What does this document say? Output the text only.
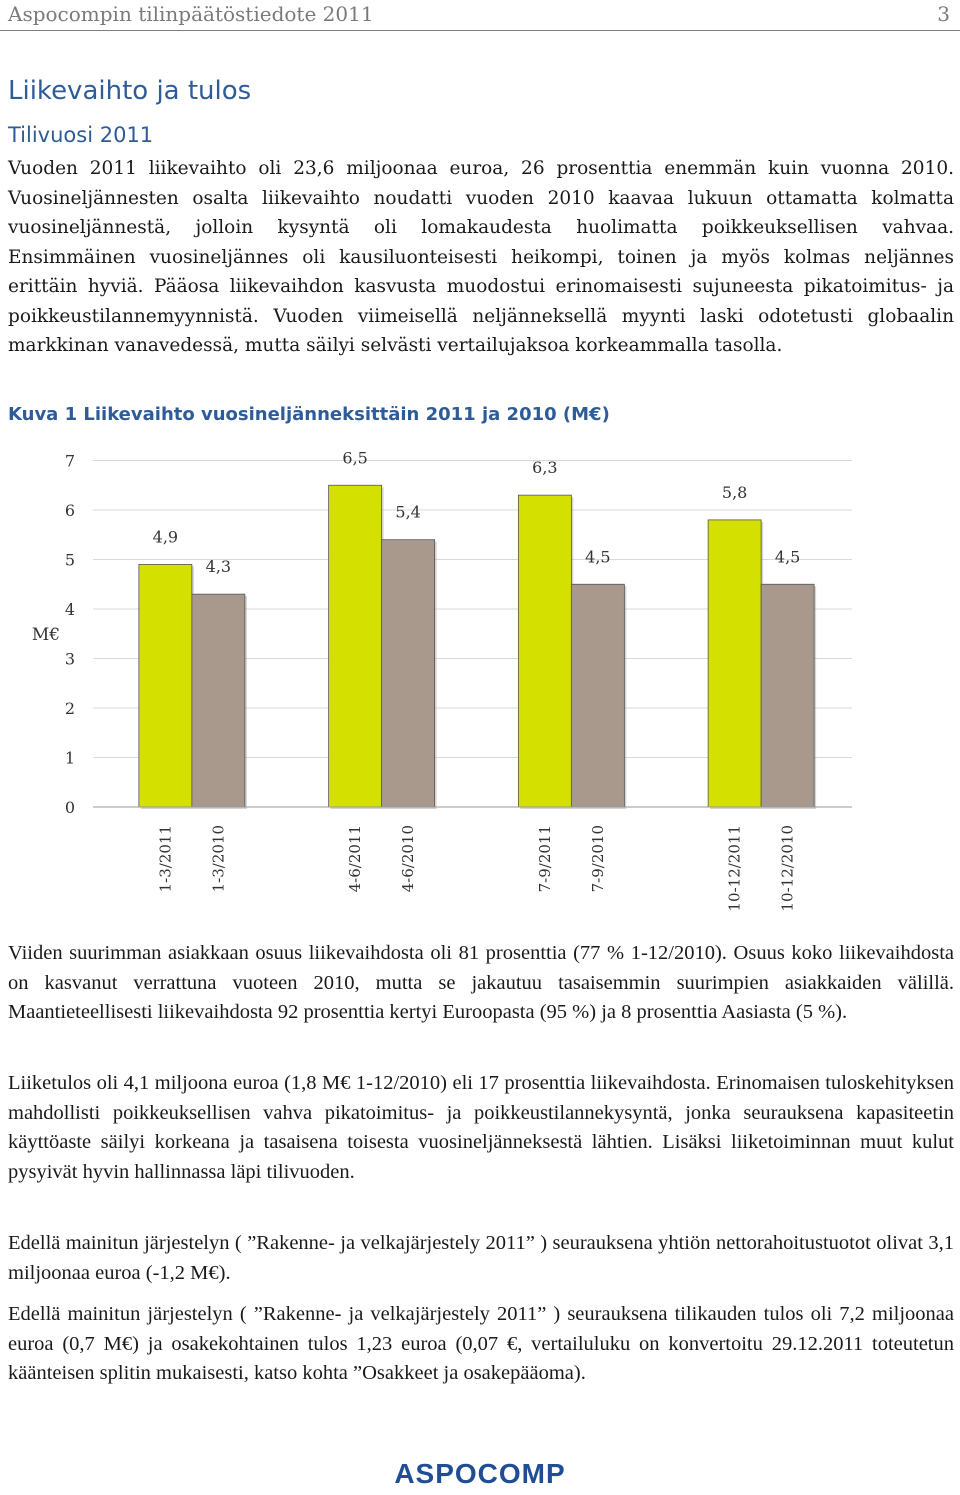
Aspocompin tilinpäätöstiedote 2011	3
Liikevaihto ja tulos
Tilivuosi 2011

Vuoden 2011 liikevaihto oli 23,6 miljoonaa euroa, 26 prosenttia enemmän kuin vuonna 2010. Vuosineljännesten osalta liikevaihto noudatti vuoden 2010 kaavaa lukuun ottamatta kolmatta vuosineljännestä, jolloin kysyntä oli lomakaudesta huolimatta poikkeuksellisen vahvaa. Ensimmäinen vuosineljännes oli kausiluonteisesti heikompi, toinen ja myös kolmas neljännes erittäin hyviä. Pääosa liikevaihdon kasvusta muodostui erinomaisesti sujuneesta pikatoimitus- ja poikkeustilannemyynnistä. Vuoden viimeisellä neljänneksellä myynti laski odotetusti globaalin markkinan vanavedessä, mutta säilyi selvästi vertailujaksoa korkeammalla tasolla.

Kuva 1 Liikevaihto vuosineljänneksittäin 2011 ja 2010 (M€)
0
1
2
3
4
5
6
7
4,9
4,3
6,5
5,4
6,3
4,5
5,8
4,5
1-3/2011 1-3/2010	4-6/2011 4-6/2010	7-9/2011 7-9/2010	10-12/2011 10-12/2010
M€

Viiden suurimman asiakkaan osuus liikevaihdosta oli 81 prosenttia (77 % 1-12/2010). Osuus koko liikevaihdosta on kasvanut verrattuna vuoteen 2010, mutta se jakautuu tasaisemmin suurimpien asiakkaiden välillä. Maantieteellisesti liikevaihdosta 92 prosenttia kertyi Euroopasta (95 %) ja 8 prosenttia Aasiasta (5 %).

Liiketulos oli 4,1 miljoona euroa (1,8 M€ 1-12/2010) eli 17 prosenttia liikevaihdosta. Erinomaisen tuloskehityksen mahdollisti poikkeuksellisen vahva pikatoimitus- ja poikkeustilannekysyntä, jonka seurauksena kapasiteetin käyttöaste säilyi korkeana ja tasaisena toisesta vuosineljänneksestä lähtien. Lisäksi liiketoiminnan muut kulut pysyivät hyvin hallinnassa läpi tilivuoden.

Edellä mainitun järjestelyn ( ”Rakenne- ja velkajärjestely 2011” ) seurauksena yhtiön nettorahoitustuotot olivat 3,1 miljoonaa euroa (-1,2 M€).

Edellä mainitun järjestelyn ( ”Rakenne- ja velkajärjestely 2011” ) seurauksena tilikauden tulos oli 7,2 miljoonaa euroa (0,7 M€) ja osakekohtainen tulos 1,23 euroa (0,07 €, vertailuluku on konvertoitu 29.12.2011 toteutetun käänteisen splitin mukaisesti, katso kohta ”Osakkeet ja osakepääoma).

ASPOCOMP
